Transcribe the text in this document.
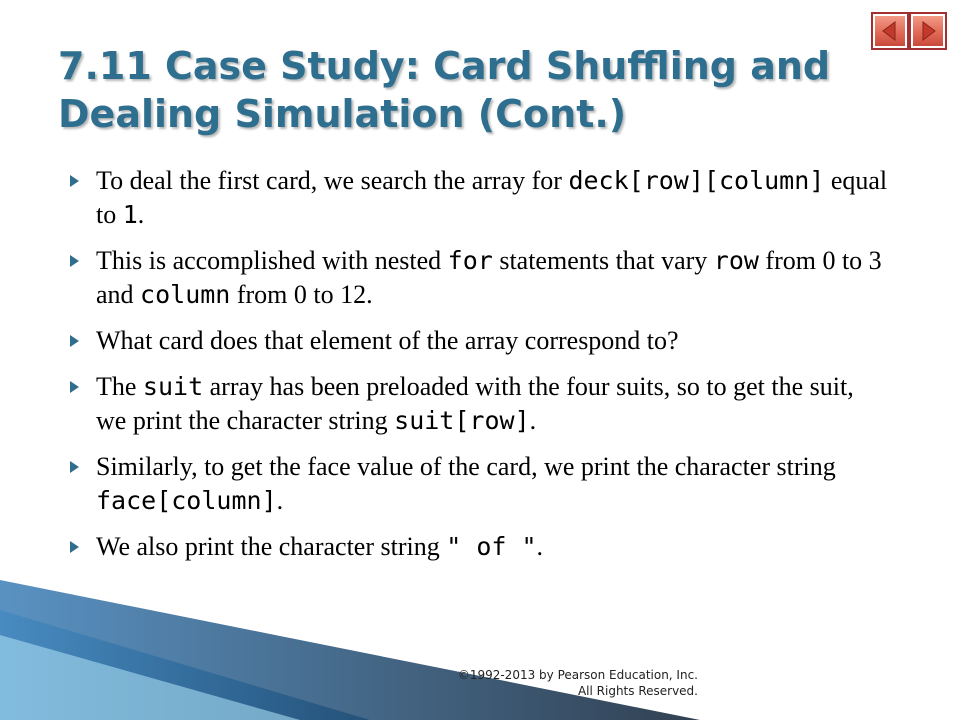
7.11 Case Study: Card Shuffling and Dealing Simulation (Cont.)
To deal the first card, we search the array for deck[row][column] equal to 1.
This is accomplished with nested for statements that vary row from 0 to 3 and column from 0 to 12.
What card does that element of the array correspond to?
The suit array has been preloaded with the four suits, so to get the suit, we print the character string suit[row].
Similarly, to get the face value of the card, we print the character string face[column].
We also print the character string " of ".
©1992-2013 by Pearson Education, Inc.
All Rights Reserved.
